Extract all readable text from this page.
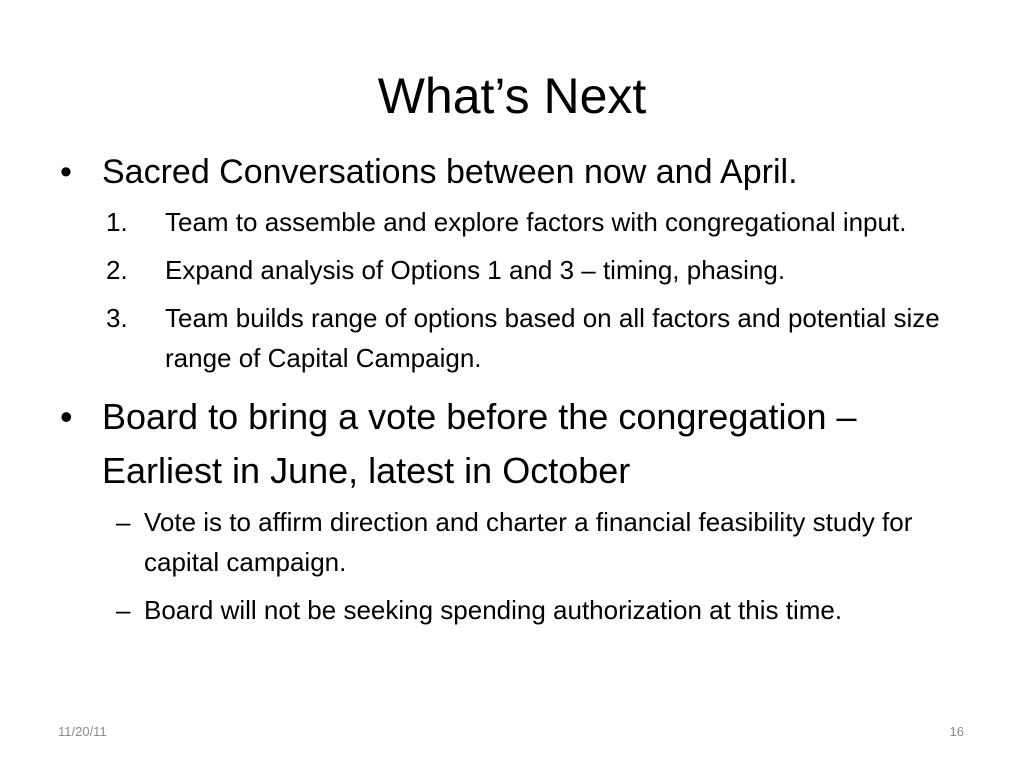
What’s Next
• Sacred Conversations between now and April.
1. Team to assemble and explore factors with congregational input.
2. Expand analysis of Options 1 and 3 – timing, phasing.
3. Team builds range of options based on all factors and potential size range of Capital Campaign.
• Board to bring a vote before the congregation – Earliest in June, latest in October
– Vote is to affirm direction and charter a financial feasibility study for capital campaign.
– Board will not be seeking spending authorization at this time.
11/20/11	16
